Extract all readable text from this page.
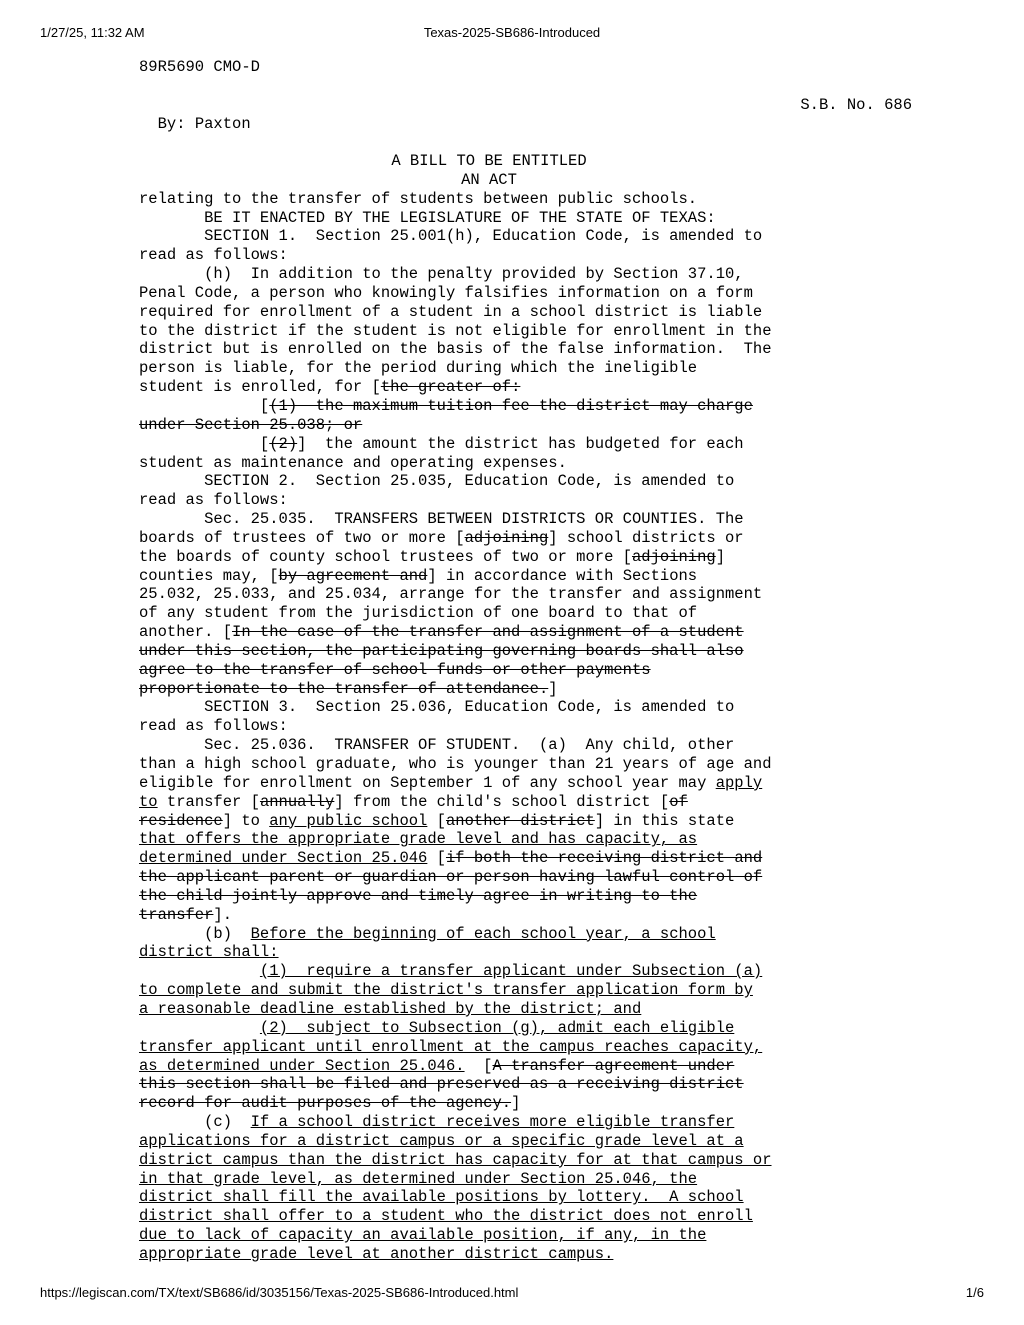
1/27/25, 11:32 AM	Texas-2025-SB686-Introduced
89R5690 CMO-D

By: Paxton

S.B. No. 686

A BILL TO BE ENTITLED
AN ACT
relating to the transfer of students between public schools.
BE IT ENACTED BY THE LEGISLATURE OF THE STATE OF TEXAS:
SECTION 1.  Section 25.001(h), Education Code, is amended to
read as follows:
(h)  In addition to the penalty provided by Section 37.10,
Penal Code, a person who knowingly falsifies information on a form
required for enrollment of a student in a school district is liable
to the district if the student is not eligible for enrollment in the
district but is enrolled on the basis of the false information.  The
person is liable, for the period during which the ineligible
student is enrolled, for [the greater of:
[(1)  the maximum tuition fee the district may charge
under Section 25.038; or
[(2)]  the amount the district has budgeted for each
student as maintenance and operating expenses.
SECTION 2.  Section 25.035, Education Code, is amended to
read as follows:
Sec. 25.035.  TRANSFERS BETWEEN DISTRICTS OR COUNTIES. The
boards of trustees of two or more [adjoining] school districts or
the boards of county school trustees of two or more [adjoining]
counties may, [by agreement and] in accordance with Sections
25.032, 25.033, and 25.034, arrange for the transfer and assignment
of any student from the jurisdiction of one board to that of
another. [In the case of the transfer and assignment of a student
under this section, the participating governing boards shall also
agree to the transfer of school funds or other payments
proportionate to the transfer of attendance.]
SECTION 3.  Section 25.036, Education Code, is amended to
read as follows:
Sec. 25.036.  TRANSFER OF STUDENT.  (a)  Any child, other
than a high school graduate, who is younger than 21 years of age and
eligible for enrollment on September 1 of any school year may apply
to transfer [annually] from the child's school district [of
residence] to any public school [another district] in this state
that offers the appropriate grade level and has capacity, as
determined under Section 25.046 [if both the receiving district and
the applicant parent or guardian or person having lawful control of
the child jointly approve and timely agree in writing to the
transfer].
(b)  Before the beginning of each school year, a school
district shall:
(1)  require a transfer applicant under Subsection (a)
to complete and submit the district's transfer application form by
a reasonable deadline established by the district; and
(2)  subject to Subsection (g), admit each eligible
transfer applicant until enrollment at the campus reaches capacity,
as determined under Section 25.046.  [A transfer agreement under
this section shall be filed and preserved as a receiving district
record for audit purposes of the agency.]
(c)  If a school district receives more eligible transfer
applications for a district campus or a specific grade level at a
district campus than the district has capacity for at that campus or
in that grade level, as determined under Section 25.046, the
district shall fill the available positions by lottery.  A school
district shall offer to a student who the district does not enroll
due to lack of capacity an available position, if any, in the
appropriate grade level at another district campus.
https://legiscan.com/TX/text/SB686/id/3035156/Texas-2025-SB686-Introduced.html	1/6
